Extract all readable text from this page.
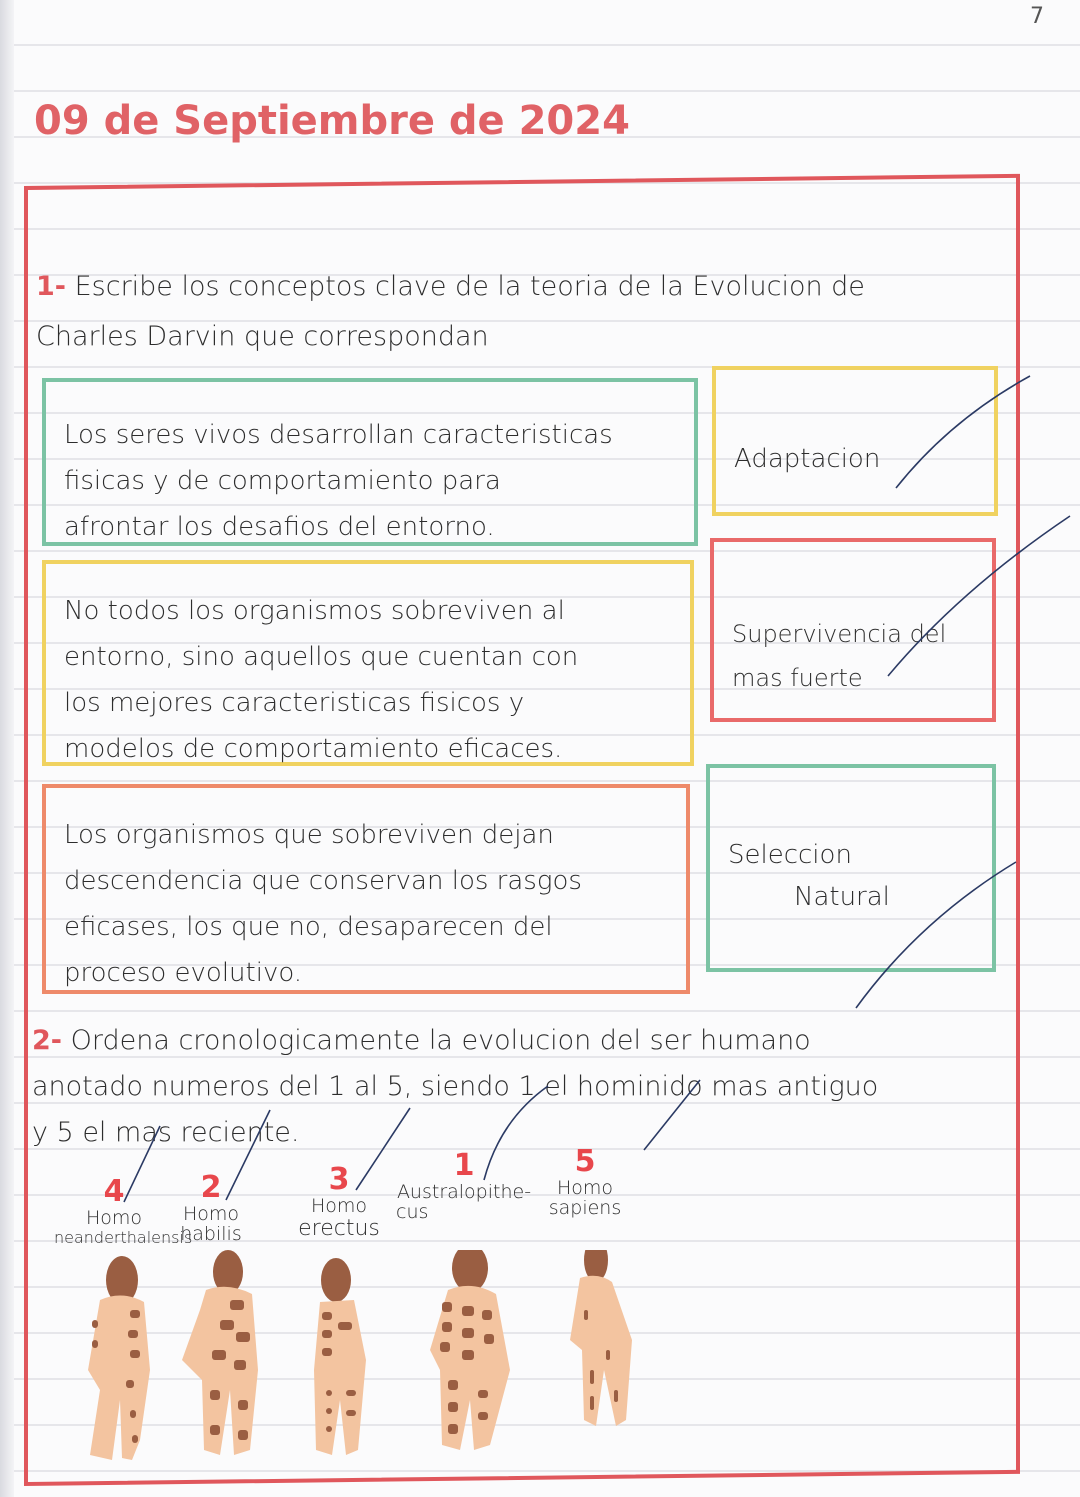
7
09 de Septiembre de 2024
1- Escribe los conceptos clave de la teoria de la Evolucion de Charles Darvin que correspondan
Los seres vivos desarrollan caracteristicas
fisicas y de comportamiento para
afrontar los desafios del entorno.
No todos los organismos sobreviven al
entorno, sino aquellos que cuentan con
los mejores caracteristicas fisicos y
modelos de comportamiento eficaces.
Los organismos que sobreviven dejan
descendencia que conservan los rasgos
eficases, los que no, desaparecen del
proceso evolutivo.
Adaptacion
Supervivencia del
mas fuerte
Seleccion
Natural
2- Ordena cronologicamente la evolucion del ser humano
anotado numeros del 1 al 5, siendo 1 el hominido mas antiguo
y 5 el mas reciente.
4
Homo
neanderthalensis
2
Homo
habilis
3
Homo
erectus
1
Australopithe-
cus
5
Homo
sapiens
